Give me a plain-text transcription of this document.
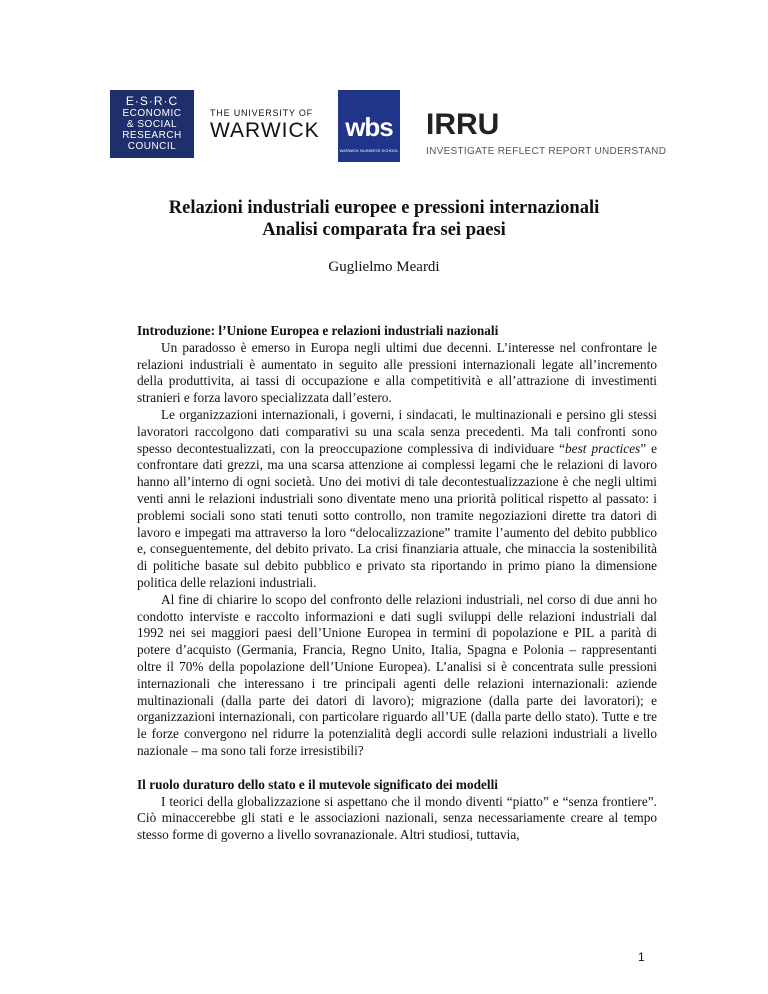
E·S·R·C
ECONOMIC
& SOCIAL
RESEARCH
COUNCIL
THE UNIVERSITY OF
WARWICK wbs
WARWICK BUSINESS SCHOOL
IRRU
INVESTIGATE REFLECT REPORT UNDERSTAND
Relazioni industriali europee e pressioni internazionali
Analisi comparata fra sei paesi
Guglielmo Meardi
Introduzione: l’Unione Europea e relazioni industriali nazionali

Un paradosso è emerso in Europa negli ultimi due decenni. L’interesse nel confrontare le relazioni industriali è aumentato in seguito alle pressioni internazionali legate all’incremento della produttivita, ai tassi di occupazione e alla competitività e all’attrazione di investimenti stranieri e forza lavoro specializzata dall’estero.

Le organizzazioni internazionali, i governi, i sindacati, le multinazionali e persino gli stessi lavoratori raccolgono dati comparativi su una scala senza precedenti. Ma tali confronti sono spesso decontestualizzati, con la preoccupazione complessiva di individuare “best practices” e confrontare dati grezzi, ma una scarsa attenzione ai complessi legami che le relazioni di lavoro hanno all’interno di ogni società. Uno dei motivi di tale decontestualizzazione è che negli ultimi venti anni le relazioni industriali sono diventate meno una priorità political rispetto al passato: i problemi sociali sono stati tenuti sotto controllo, non tramite negoziazioni dirette tra datori di lavoro e impegati ma attraverso la loro “delocalizzazione” tramite l’aumento del debito pubblico e, conseguentemente, del debito privato. La crisi finanziaria attuale, che minaccia la sostenibilità di politiche basate sul debito pubblico e privato sta riportando in primo piano la dimensione politica delle relazioni industriali.

Al fine di chiarire lo scopo del confronto delle relazioni industriali, nel corso di due anni ho condotto interviste e raccolto informazioni e dati sugli sviluppi delle relazioni industriali dal 1992 nei sei maggiori paesi dell’Unione Europea in termini di popolazione e PIL a parità di potere d’acquisto (Germania, Francia, Regno Unito, Italia, Spagna e Polonia – rappresentanti oltre il 70% della popolazione dell’Unione Europea). L’analisi si è concentrata sulle pressioni internazionali che interessano i tre principali agenti delle relazioni internazionali: aziende multinazionali (dalla parte dei datori di lavoro); migrazione (dalla parte dei lavoratori); e organizzazioni internazionali, con particolare riguardo all’UE (dalla parte dello stato). Tutte e tre le forze convergono nel ridurre la potenzialità degli accordi sulle relazioni industriali a livello nazionale – ma sono tali forze irresistibili?

Il ruolo duraturo dello stato e il mutevole significato dei modelli

I teorici della globalizzazione si aspettano che il mondo diventi “piatto” e “senza frontiere”. Ciò minaccerebbe gli stati e le associazioni nazionali, senza necessariamente creare al tempo stesso forme di governo a livello sovranazionale. Altri studiosi, tuttavia,

1
